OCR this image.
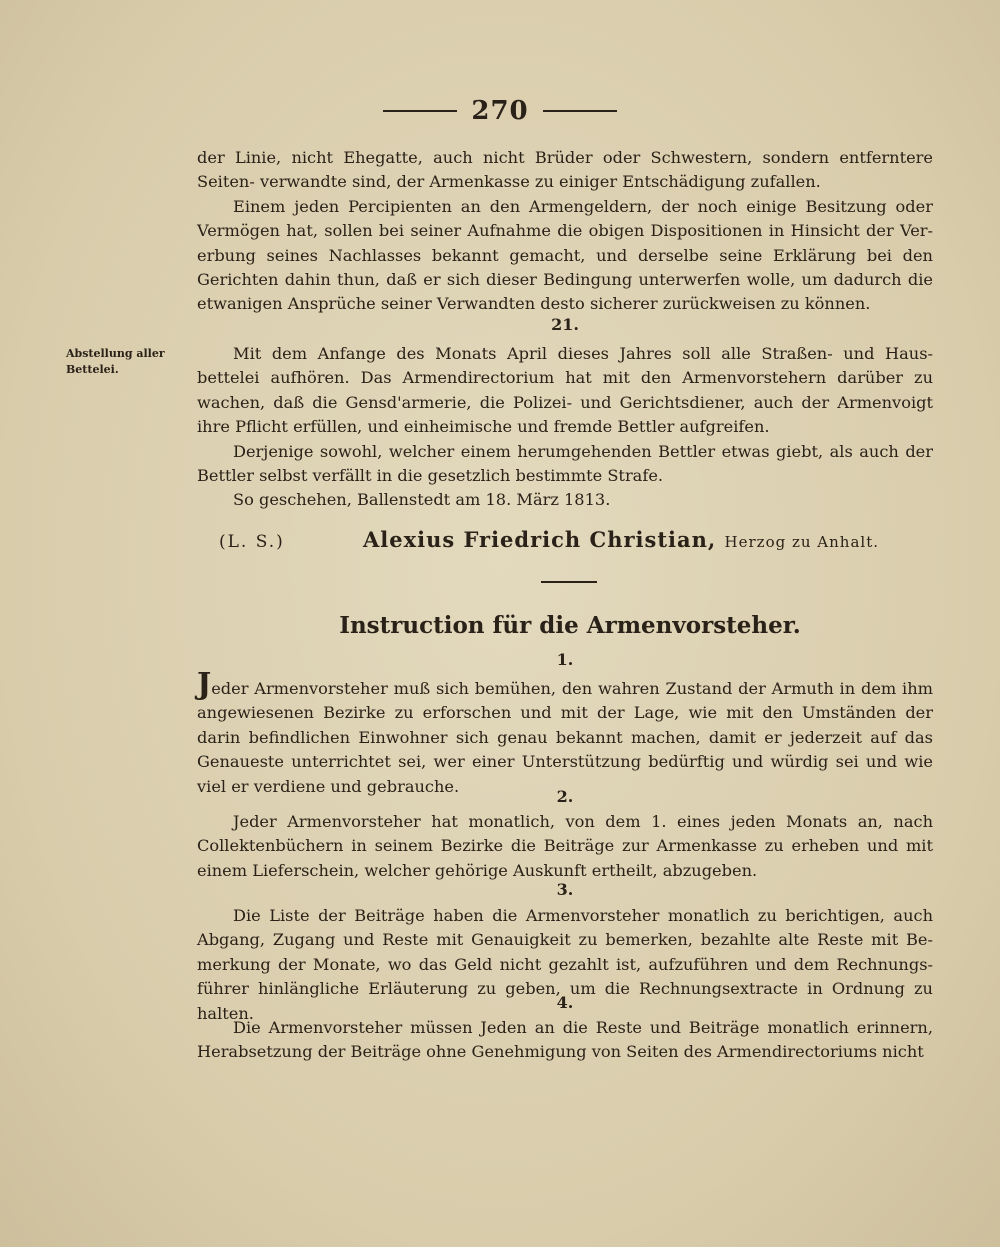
270

der Linie, nicht Ehegatte, auch nicht Brüder oder Schwestern, sondern entferntere Seiten- verwandte sind, der Armenkasse zu einiger Entschädigung zufallen.

Einem jeden Percipienten an den Armengeldern, der noch einige Besitzung oder Vermögen hat, sollen bei seiner Aufnahme die obigen Dispositionen in Hinsicht der Ver- erbung seines Nachlasses bekannt gemacht, und derselbe seine Erklärung bei den Gerichten dahin thun, daß er sich dieser Bedingung unterwerfen wolle, um dadurch die etwanigen Ansprüche seiner Verwandten desto sicherer zurückweisen zu können.

21.
Abstellung aller Bettelei.

Mit dem Anfange des Monats April dieses Jahres soll alle Straßen- und Haus- bettelei aufhören. Das Armendirectorium hat mit den Armenvorstehern darüber zu wachen, daß die Gensd'armerie, die Polizei- und Gerichtsdiener, auch der Armenvoigt ihre Pflicht erfüllen, und einheimische und fremde Bettler aufgreifen.

Derjenige sowohl, welcher einem herumgehenden Bettler etwas giebt, als auch der Bettler selbst verfällt in die gesetzlich bestimmte Strafe.

So geschehen, Ballenstedt am 18. März 1813.

(L. S.)	Alexius Friedrich Christian, Herzog zu Anhalt.
Instruction für die Armenvorsteher.
1.

Jeder Armenvorsteher muß sich bemühen, den wahren Zustand der Armuth in dem ihm angewiesenen Bezirke zu erforschen und mit der Lage, wie mit den Umständen der darin befindlichen Einwohner sich genau bekannt machen, damit er jederzeit auf das Genaueste unterrichtet sei, wer einer Unterstützung bedürftig und würdig sei und wie viel er verdiene und gebrauche.

2.

Jeder Armenvorsteher hat monatlich, von dem 1. eines jeden Monats an, nach Collektenbüchern in seinem Bezirke die Beiträge zur Armenkasse zu erheben und mit einem Lieferschein, welcher gehörige Auskunft ertheilt, abzugeben.

3.

Die Liste der Beiträge haben die Armenvorsteher monatlich zu berichtigen, auch Abgang, Zugang und Reste mit Genauigkeit zu bemerken, bezahlte alte Reste mit Be- merkung der Monate, wo das Geld nicht gezahlt ist, aufzuführen und dem Rechnungs- führer hinlängliche Erläuterung zu geben, um die Rechnungsextracte in Ordnung zu halten.

4.

Die Armenvorsteher müssen Jeden an die Reste und Beiträge monatlich erinnern, Herabsetzung der Beiträge ohne Genehmigung von Seiten des Armendirectoriums nicht
